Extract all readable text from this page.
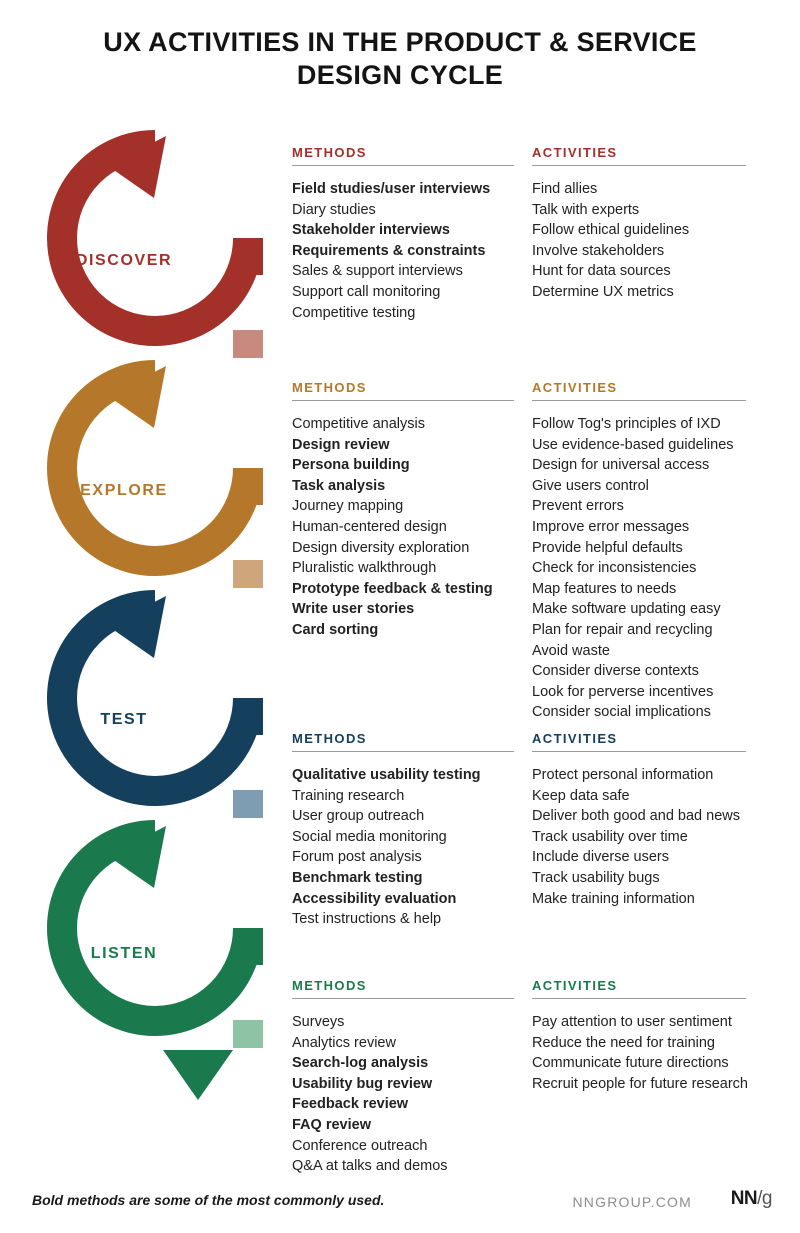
UX ACTIVITIES IN THE PRODUCT & SERVICE DESIGN CYCLE
DISCOVER
EXPLORE
TEST
LISTEN
METHODS	ACTIVITIES
Field studies/user interviews
Diary studies
Stakeholder interviews
Requirements & constraints
Sales & support interviews
Support call monitoring
Competitive testing
Find allies
Talk with experts
Follow ethical guidelines
Involve stakeholders
Hunt for data sources
Determine UX metrics
METHODS	ACTIVITIES
Competitive analysis
Design review
Persona building
Task analysis
Journey mapping
Human-centered design
Design diversity exploration
Pluralistic walkthrough
Prototype feedback & testing
Write user stories
Card sorting
Follow Tog's principles of IXD
Use evidence-based guidelines
Design for universal access
Give users control
Prevent errors
Improve error messages
Provide helpful defaults
Check for inconsistencies
Map features to needs
Make software updating easy
Plan for repair and recycling
Avoid waste
Consider diverse contexts
Look for perverse incentives
Consider social implications
METHODS	ACTIVITIES
Qualitative usability testing
Training research
User group outreach
Social media monitoring
Forum post analysis
Benchmark testing
Accessibility evaluation
Test instructions & help
Protect personal information
Keep data safe
Deliver both good and bad news
Track usability over time
Include diverse users
Track usability bugs
Make training information
METHODS	ACTIVITIES
Surveys
Analytics review
Search-log analysis
Usability bug review
Feedback review
FAQ review
Conference outreach
Q&A at talks and demos
Pay attention to user sentiment
Reduce the need for training
Communicate future directions
Recruit people for future research
Bold methods are some of the most commonly used.	NNGROUP.COM NN/g
